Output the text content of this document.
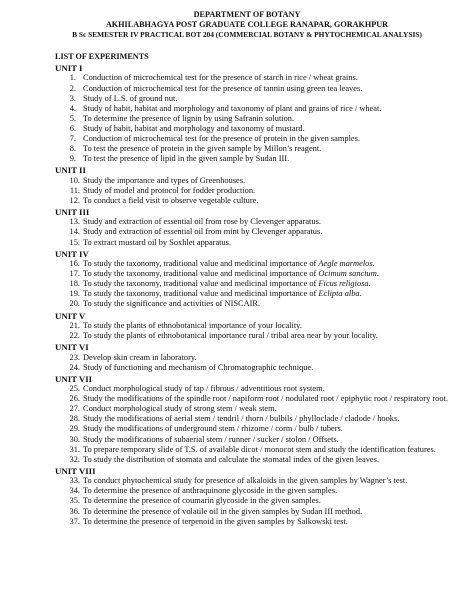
DEPARTMENT OF BOTANY
AKHILABHAGYA POST GRADUATE COLLEGE RANAPAR, GORAKHPUR
B Sc SEMESTER IV PRACTICAL BOT 204 (COMMERCIAL BOTANY & PHYTOCHEMICAL ANALYSIS)
LIST OF EXPERIMENTS
UNIT I
1. Conduction of microchemical test for the presence of starch in rice / wheat grains.
2. Conduction of microchemical test for the presence of tannin using green tea leaves.
3. Study of L.S. of ground nut.
4. Study of habit, habitat and morphology and taxonomy of plant and grains of rice / wheat.
5. To determine the presence of lignin by using Safranin solution.
6. Study of habit, habitat and morphology and taxonomy of mustard.
7. Conduction of microchemical test for the presence of protein in the given samples.
8. To test the presence of protein in the given sample by Millon’s reagent.
9. To test the presence of lipid in the given sample by Sudan III.
UNIT II
10. Study the importance and types of Greenhouses.
11. Study of model and protocol for fodder production.
12. To conduct a field visit to observe vegetable culture.
UNIT III
13. Study and extraction of essential oil from rose by Clevenger apparatus.
14. Study and extraction of essential oil from mint by Clevenger apparatus.
15. To extract mustard oil by Soxhlet apparatus.
UNIT IV
16. To study the taxonomy, traditional value and medicinal importance of Aegle marmelos.
17. To study the taxonomy, traditional value and medicinal importance of Ocimum sanctum.
18. To study the taxonomy, traditional value and medicinal importance of Ficus religiosa.
19. To study the taxonomy, traditional value and medicinal importance of Eclipta alba.
20. To study the significance and activities of NISCAIR.
UNIT V
21. To study the plants of ethnobotanical importance of your locality.
22. To study the plants of ethnobotanical importance rural / tribal area near by your locality.
UNIT VI
23. Develop skin cream in laboratory.
24. Study of functioning and mechanism of Chromatographic technique.
UNIT VII
25. Conduct morphological study of tap / fibrous / adventitious root system.
26. Study the modifications of the spindle root / napiform root / nodulated root / epiphytic root / respiratory root.
27. Conduct morphological study of strong stem / weak stem.
28. Study the modifications of aerial stem / tendril / thorn / bulbils / phylloclade / cladode / hooks.
29. Study the modifications of underground stem / rhizome / corm / bulb / tubers.
30. Study the modifications of subaerial stem / runner / sucker / stolon / Offsets.
31. To prepare temporary slide of T.S. of available dicot / monocot stem and study the identification features.
32. To study the distribution of stomata and calculate the stomatal index of the given leaves.
UNIT VIII
33. To conduct phytochemical study for presence of alkaloids in the given samples by Wagner’s test.
34. To determine the presence of anthraquinone glycoside in the given samples.
35. To determine the presence of coumarin glycoside in the given samples.
36. To determine the presence of volatile oil in the given samples by Sudan III method.
37. To determine the presence of terpenoid in the given samples by Salkowski test.
